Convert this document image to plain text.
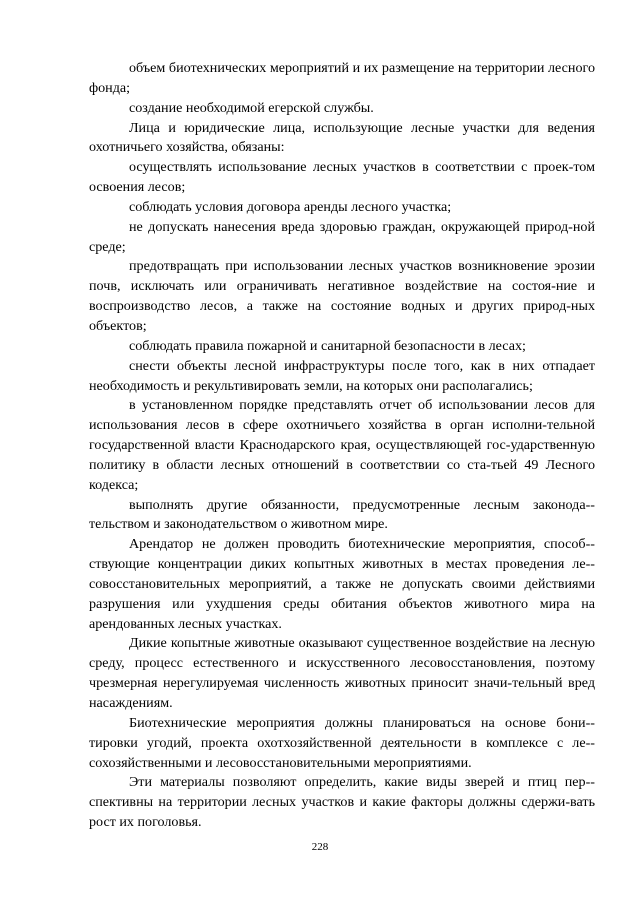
объем биотехнических мероприятий и их размещение на территории лесного фонда;

создание необходимой егерской службы.

Лица и юридические лица, использующие лесные участки для ведения охотничьего хозяйства, обязаны:

осуществлять использование лесных участков в соответствии с проек-том освоения лесов;

соблюдать условия договора аренды лесного участка;

не допускать нанесения вреда здоровью граждан, окружающей природ-ной среде;

предотвращать при использовании лесных участков возникновение эрозии почв, исключать или ограничивать негативное воздействие на состоя-ние и воспроизводство лесов, а также на состояние водных и других природ-ных объектов;

соблюдать правила пожарной и санитарной безопасности в лесах;

снести объекты лесной инфраструктуры после того, как в них отпадает необходимость и рекультивировать земли, на которых они располагались;

в установленном порядке представлять отчет об использовании лесов для использования лесов в сфере охотничьего хозяйства в орган исполни-тельной государственной власти Краснодарского края, осуществляющей гос-ударственную политику в области лесных отношений в соответствии со ста-тьей 49 Лесного кодекса;

выполнять другие обязанности, предусмотренные лесным законода-тельством и законодательством о животном мире.

Арендатор не должен проводить биотехнические мероприятия, способ-ствующие концентрации диких копытных животных в местах проведения ле-совосстановительных мероприятий, а также не допускать своими действиями разрушения или ухудшения среды обитания объектов животного мира на арендованных лесных участках.

Дикие копытные животные оказывают существенное воздействие на лесную среду, процесс естественного и искусственного лесовосстановления, поэтому чрезмерная нерегулируемая численность животных приносит значи-тельный вред насаждениям.

Биотехнические мероприятия должны планироваться на основе бони-тировки угодий, проекта охотхозяйственной деятельности в комплексе с ле-сохозяйственными и лесовосстановительными мероприятиями.

Эти материалы позволяют определить, какие виды зверей и птиц пер-спективны на территории лесных участков и какие факторы должны сдержи-вать рост их поголовья.

228
